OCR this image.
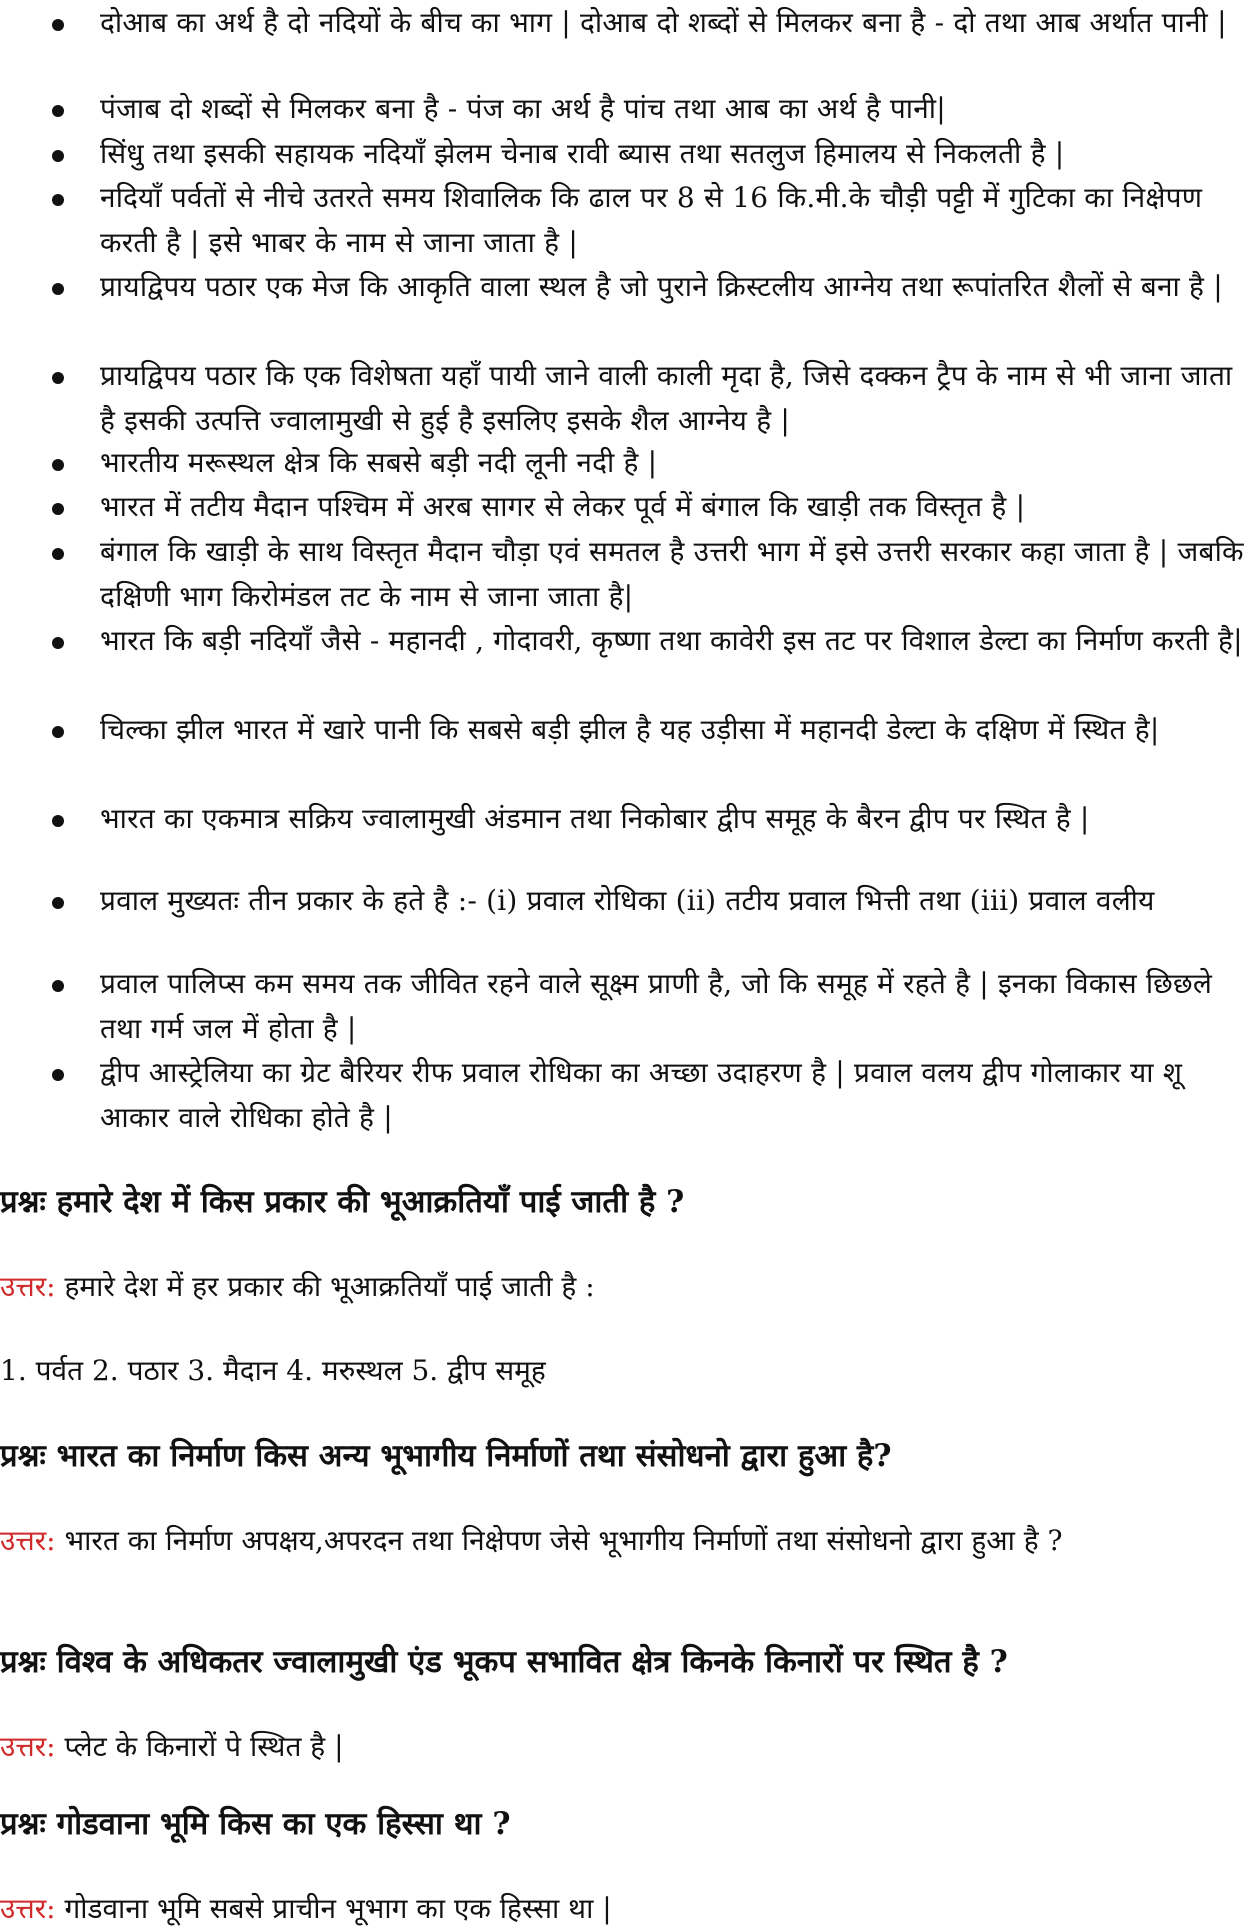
दोआब का अर्थ है दो नदियों के बीच का भाग | दोआब दो शब्दों से मिलकर बना है - दो तथा आब अर्थात पानी |
पंजाब दो शब्दों से मिलकर बना है - पंज का अर्थ है पांच तथा आब का अर्थ है पानी|
सिंधु तथा इसकी सहायक नदियाँ झेलम चेनाब रावी ब्यास तथा सतलुज हिमालय से निकलती है |
नदियाँ पर्वतों से नीचे उतरते समय शिवालिक कि ढाल पर 8 से 16 कि.मी.के चौड़ी पट्टी में गुटिका का निक्षेपण करती है | इसे भाबर के नाम से जाना जाता है |
प्रायद्विपय पठार एक मेज कि आकृति वाला स्थल है जो पुराने क्रिस्टलीय आग्नेय तथा रूपांतरित शैलों से बना है |
प्रायद्विपय पठार कि एक विशेषता यहाँ पायी जाने वाली काली मृदा है, जिसे दक्कन ट्रैप के नाम से भी जाना जाता है इसकी उत्पत्ति ज्वालामुखी से हुई है इसलिए इसके शैल आग्नेय है |
भारतीय मरूस्थल क्षेत्र कि सबसे बड़ी नदी लूनी नदी है |
भारत में तटीय मैदान पश्चिम में अरब सागर से लेकर पूर्व में बंगाल कि खाड़ी तक विस्तृत है |
बंगाल कि खाड़ी के साथ विस्तृत मैदान चौड़ा एवं समतल है उत्तरी भाग में इसे उत्तरी सरकार कहा जाता है | जबकि दक्षिणी भाग किरोमंडल तट के नाम से जाना जाता है|
भारत कि बड़ी नदियाँ जैसे - महानदी , गोदावरी, कृष्णा तथा कावेरी इस तट पर विशाल डेल्टा का निर्माण करती है|
चिल्का झील भारत में खारे पानी कि सबसे बड़ी झील है यह उड़ीसा में महानदी डेल्टा के दक्षिण में स्थित है|
भारत का एकमात्र सक्रिय ज्वालामुखी अंडमान तथा निकोबार द्वीप समूह के बैरन द्वीप पर स्थित है |
प्रवाल मुख्यतः तीन प्रकार के हते है :- (i) प्रवाल रोधिका (ii) तटीय प्रवाल भित्ती तथा (iii) प्रवाल वलीय
प्रवाल पालिप्स कम समय तक जीवित रहने वाले सूक्ष्म प्राणी है, जो कि समूह में रहते है | इनका विकास छिछले तथा गर्म जल में होता है |
द्वीप आस्ट्रेलिया का ग्रेट बैरियर रीफ प्रवाल रोधिका का अच्छा उदाहरण है | प्रवाल वलय द्वीप गोलाकार या शू आकार वाले रोधिका होते है |
प्रश्नः हमारे देश में किस प्रकार की भूआक्रतियाँ पाई जाती है ?
उत्तर: हमारे देश में हर प्रकार की भूआक्रतियाँ पाई जाती है :
1. पर्वत 2. पठार 3. मैदान 4. मरुस्थल 5. द्वीप समूह
प्रश्नः भारत का निर्माण किस अन्य भूभागीय निर्माणों तथा संसोधनो द्वारा हुआ है?
उत्तर: भारत का निर्माण अपक्षय,अपरदन तथा निक्षेपण जेसे भूभागीय निर्माणों तथा संसोधनो द्वारा हुआ है ?
प्रश्नः विश्व के अधिकतर ज्वालामुखी एंड भूकप सभावित क्षेत्र किनके किनारों पर स्थित है ?
उत्तर: प्लेट के किनारों पे स्थित है |
प्रश्नः गोडवाना भूमि किस का एक हिस्सा था ?
उत्तर: गोडवाना भूमि सबसे प्राचीन भूभाग का एक हिस्सा था |
